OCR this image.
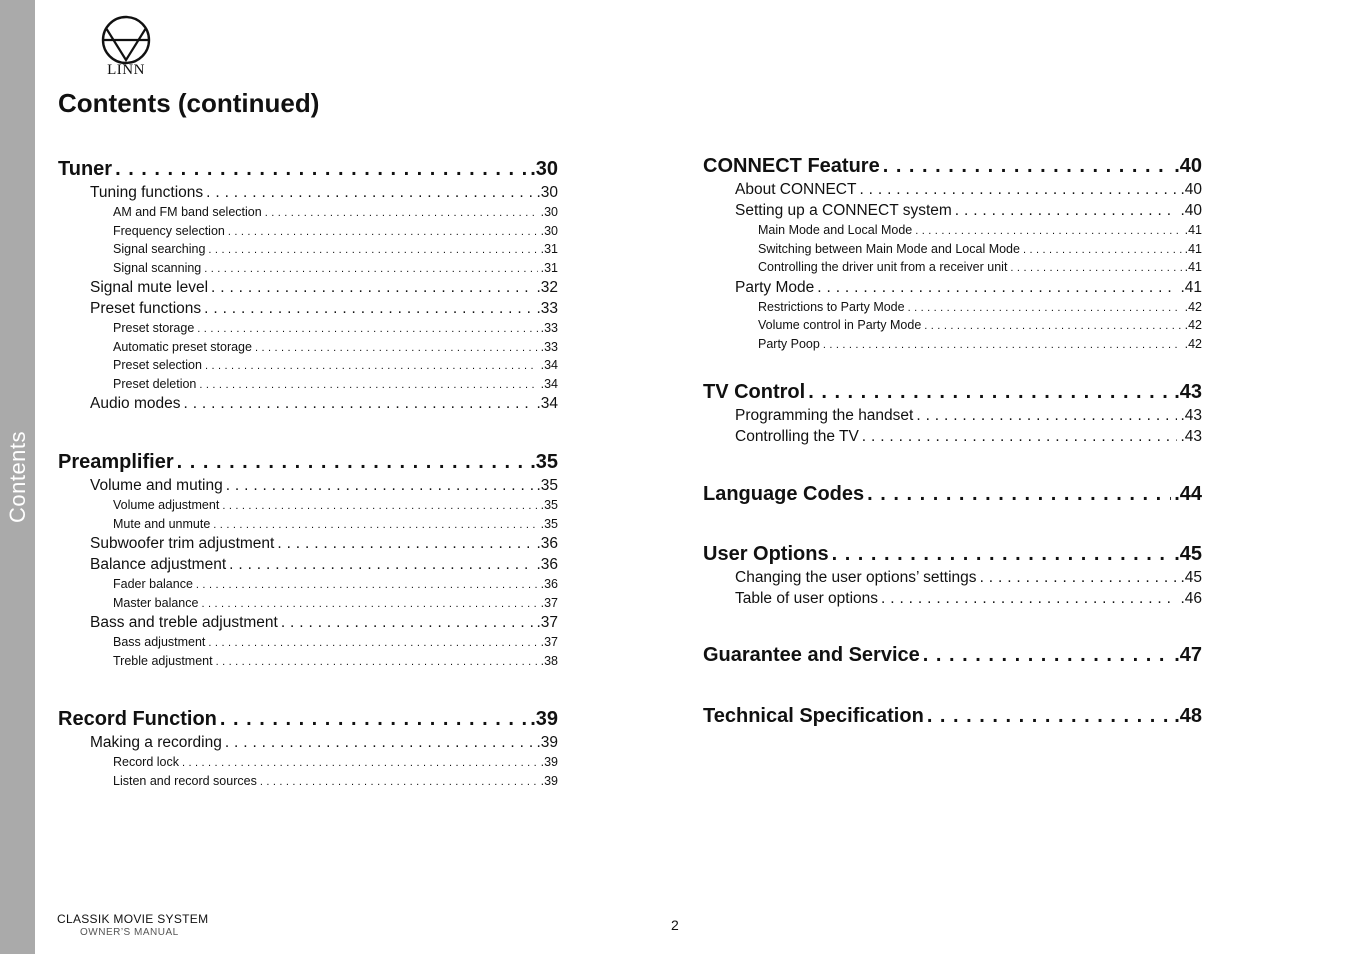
Contents
LINN
Contents (continued)
Tuner . . .	.30
Tuning functions . . .	.30
AM and FM band selection . . .	.30
Frequency selection . . .	.30
Signal searching . . .	.31
Signal scanning . . .	.31
Signal mute level . . .	.32
Preset functions . . .	.33
Preset storage . . .	.33
Automatic preset storage . . .	.33
Preset selection . . .	.34
Preset deletion . . .	.34
Audio modes . . .	.34
Preamplifier . . .	.35
Volume and muting . . .	.35
Volume adjustment . . .	.35
Mute and unmute . . .	.35
Subwoofer trim adjustment . . .	.36
Balance adjustment . . .	.36
Fader balance . . .	.36
Master balance . . .	.37
Bass and treble adjustment . . .	.37
Bass adjustment . . .	.37
Treble adjustment . . .	.38
Record Function . . .	.39
Making a recording . . .	.39
Record lock . . .	.39
Listen and record sources . . .	.39
CONNECT Feature . . .	.40
About CONNECT . . .	.40
Setting up a CONNECT system . . .	.40
Main Mode and Local Mode . . .	.41
Switching between Main Mode and Local Mode . . .	.41
Controlling the driver unit from a receiver unit . . .	.41
Party Mode . . .	.41
Restrictions to Party Mode . . .	.42
Volume control in Party Mode . . .	.42
Party Poop . . .	.42
TV Control . . .	.43
Programming the handset . . .	.43
Controlling the TV . . .	.43
Language Codes . . .	.44
User Options . . .	.45
Changing the user options’ settings . . .	.45
Table of user options . . .	.46
Guarantee and Service . . .	.47
Technical Specification . . .	.48
CLASSIK MOVIE SYSTEM
OWNER’S MANUAL	2
